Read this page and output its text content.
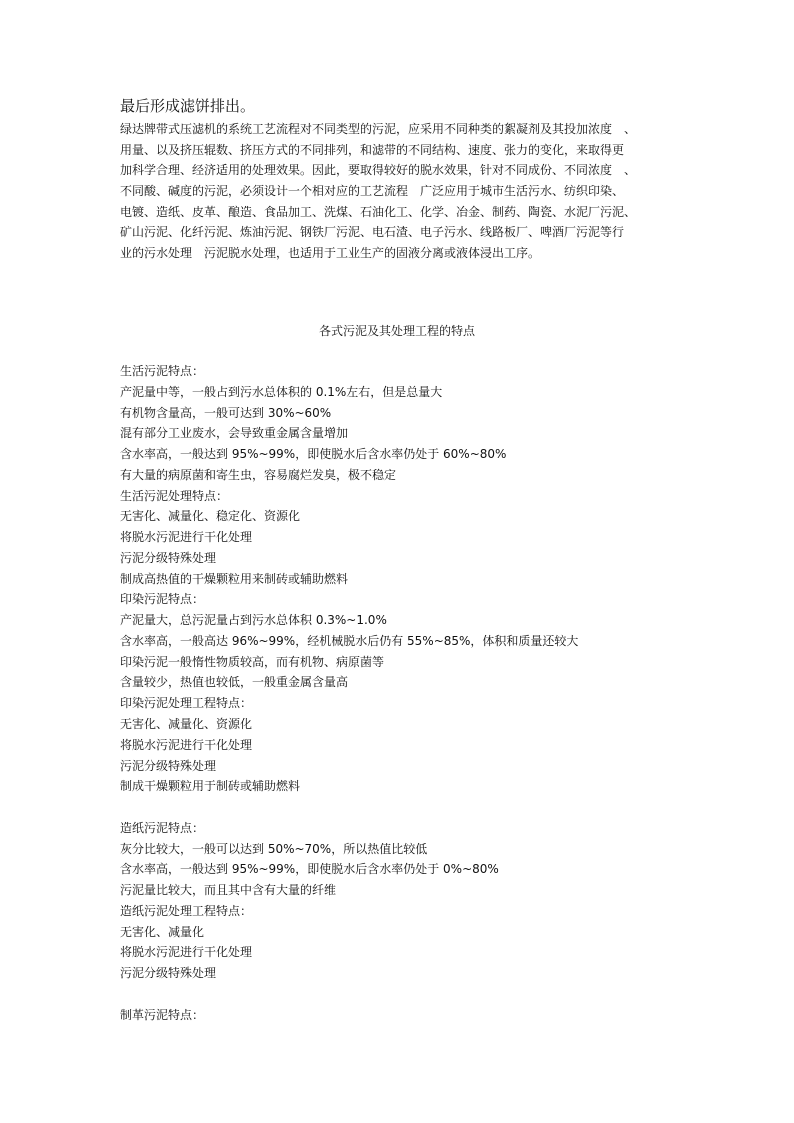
最后形成滤饼排出。
绿达牌带式压滤机的系统工艺流程对不同类型的污泥，应采用不同种类的絮凝剂及其投加浓度　、
用量、以及挤压辊数、挤压方式的不同排列，和滤带的不同结构、速度、张力的变化，来取得更
加科学合理、经济适用的处理效果。因此，要取得较好的脱水效果，针对不同成份、不同浓度　、
不同酸、碱度的污泥，必须设计一个相对应的工艺流程　广泛应用于城市生活污水、纺织印染、
电镀、造纸、皮革、酿造、食品加工、洗煤、石油化工、化学、冶金、制药、陶瓷、水泥厂污泥、
矿山污泥、化纤污泥、炼油污泥、钢铁厂污泥、电石渣、电子污水、线路板厂、啤酒厂污泥等行
业的污水处理　污泥脱水处理，也适用于工业生产的固液分离或液体浸出工序。
各式污泥及其处理工程的特点
生活污泥特点：
产泥量中等，一般占到污水总体积的 0.1%左右，但是总量大
有机物含量高，一般可达到 30%~60%
混有部分工业废水，会导致重金属含量增加
含水率高，一般达到 95%~99%，即使脱水后含水率仍处于 60%~80%
有大量的病原菌和寄生虫，容易腐烂发臭，极不稳定
生活污泥处理特点：
无害化、减量化、稳定化、资源化
将脱水污泥进行干化处理
污泥分级特殊处理
制成高热值的干燥颗粒用来制砖或辅助燃料
印染污泥特点：
产泥量大，总污泥量占到污水总体积 0.3%~1.0%
含水率高，一般高达 96%~99%，经机械脱水后仍有 55%~85%，体积和质量还较大
印染污泥一般惰性物质较高，而有机物、病原菌等
含量较少，热值也较低，一般重金属含量高
印染污泥处理工程特点：
无害化、减量化、资源化
将脱水污泥进行干化处理
污泥分级特殊处理
制成干燥颗粒用于制砖或辅助燃料
造纸污泥特点：
灰分比较大，一般可以达到 50%~70%，所以热值比较低
含水率高，一般达到 95%~99%，即使脱水后含水率仍处于 0%~80%
污泥量比较大，而且其中含有大量的纤维
造纸污泥处理工程特点：
无害化、减量化
将脱水污泥进行干化处理
污泥分级特殊处理
制革污泥特点：
